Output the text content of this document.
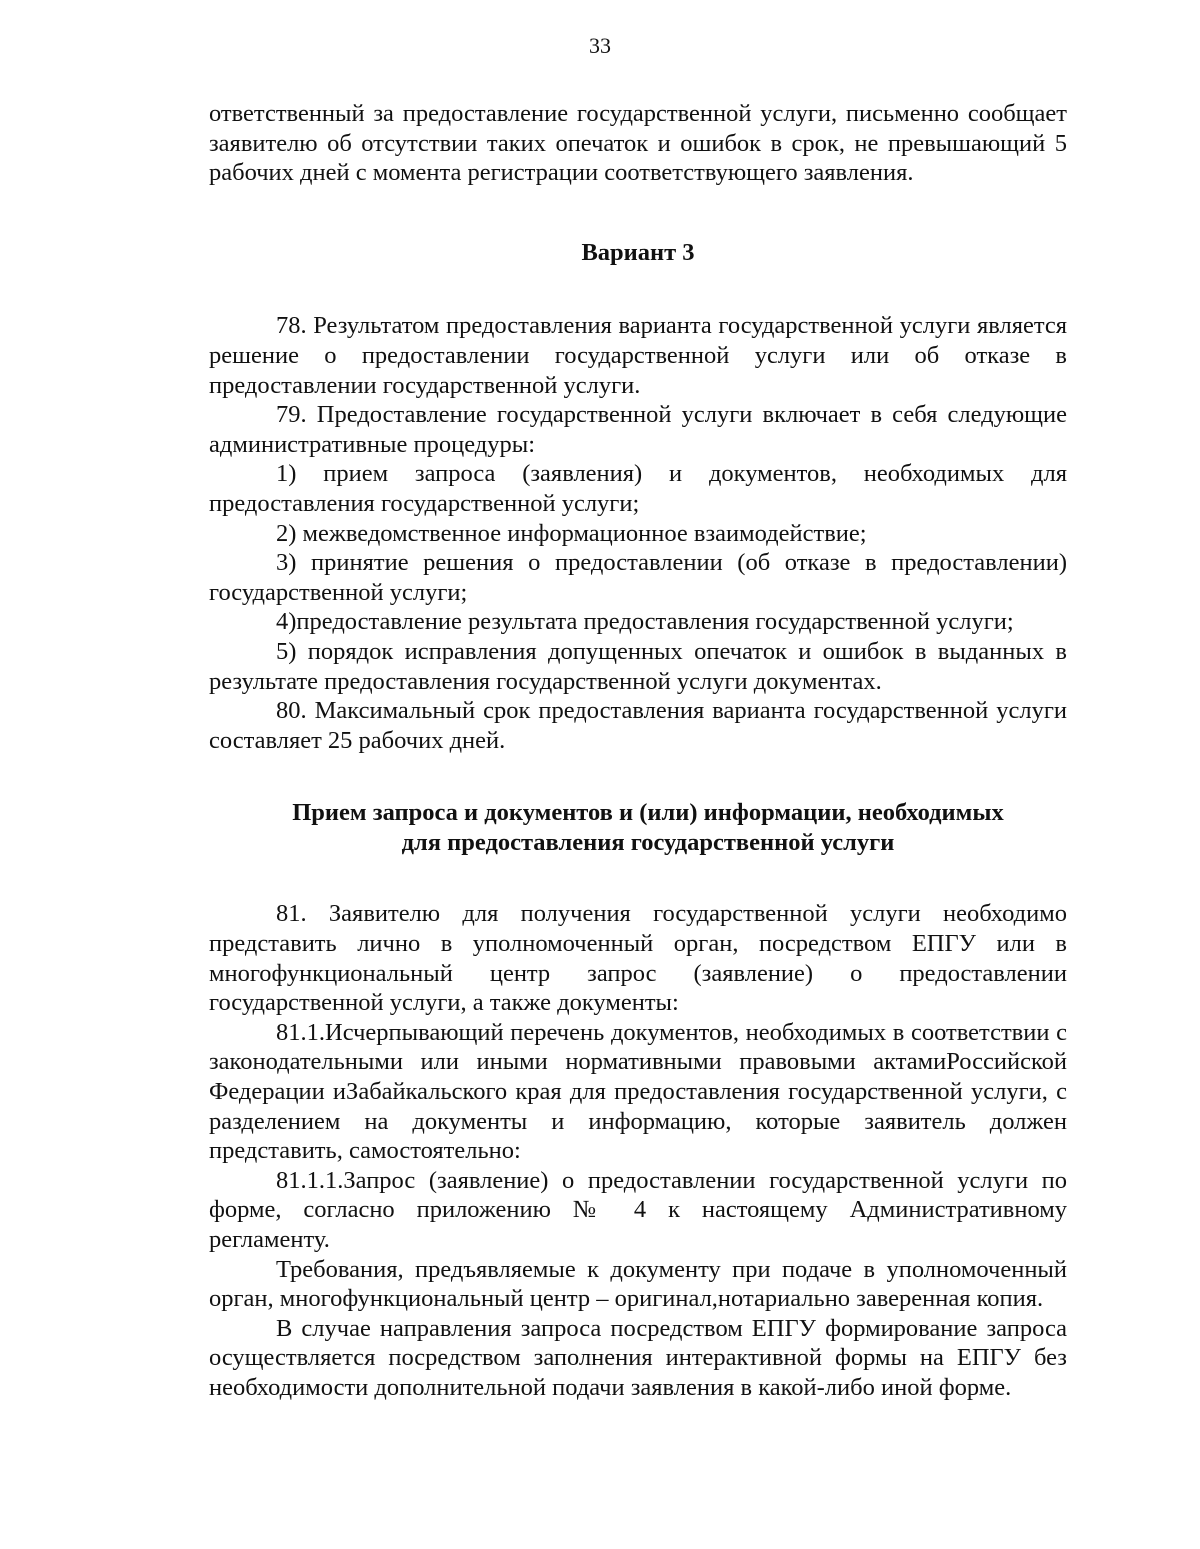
33

ответственный за предоставление государственной услуги, письменно сообщает заявителю об отсутствии таких опечаток и ошибок в срок, не превышающий 5 рабочих дней с момента регистрации соответствующего заявления.

Вариант 3

78. Результатом предоставления варианта государственной услуги является решение о предоставлении государственной услуги или об отказе в предоставлении государственной услуги.

79. Предоставление государственной услуги включает в себя следующие административные процедуры:

1) прием запроса (заявления) и документов, необходимых для предоставления государственной услуги;

2) межведомственное информационное взаимодействие;

3) принятие решения о предоставлении (об отказе в предоставлении) государственной услуги;

4)предоставление результата предоставления государственной услуги;

5) порядок исправления допущенных опечаток и ошибок в выданных в результате предоставления государственной услуги документах.

80. Максимальный срок предоставления варианта государственной услуги составляет 25 рабочих дней.

Прием запроса и документов и (или) информации, необходимых
для предоставления государственной услуги

81. Заявителю для получения государственной услуги необходимо представить лично в уполномоченный орган, посредством ЕПГУ или в многофункциональный центр запрос (заявление) о предоставлении государственной услуги, а также документы:

81.1.Исчерпывающий перечень документов, необходимых в соответствии с законодательными или иными нормативными правовыми актамиРоссийской Федерации иЗабайкальского края для предоставления государственной услуги, с разделением на документы и информацию, которые заявитель должен представить, самостоятельно:

81.1.1.Запрос (заявление) о предоставлении государственной услуги по форме, согласно приложению № 4 к настоящему Административному регламенту.

Требования, предъявляемые к документу при подаче в уполномоченный орган, многофункциональный центр – оригинал,нотариально заверенная копия.

В случае направления запроса посредством ЕПГУ формирование запроса осуществляется посредством заполнения интерактивной формы на ЕПГУ без необходимости дополнительной подачи заявления в какой-либо иной форме.
